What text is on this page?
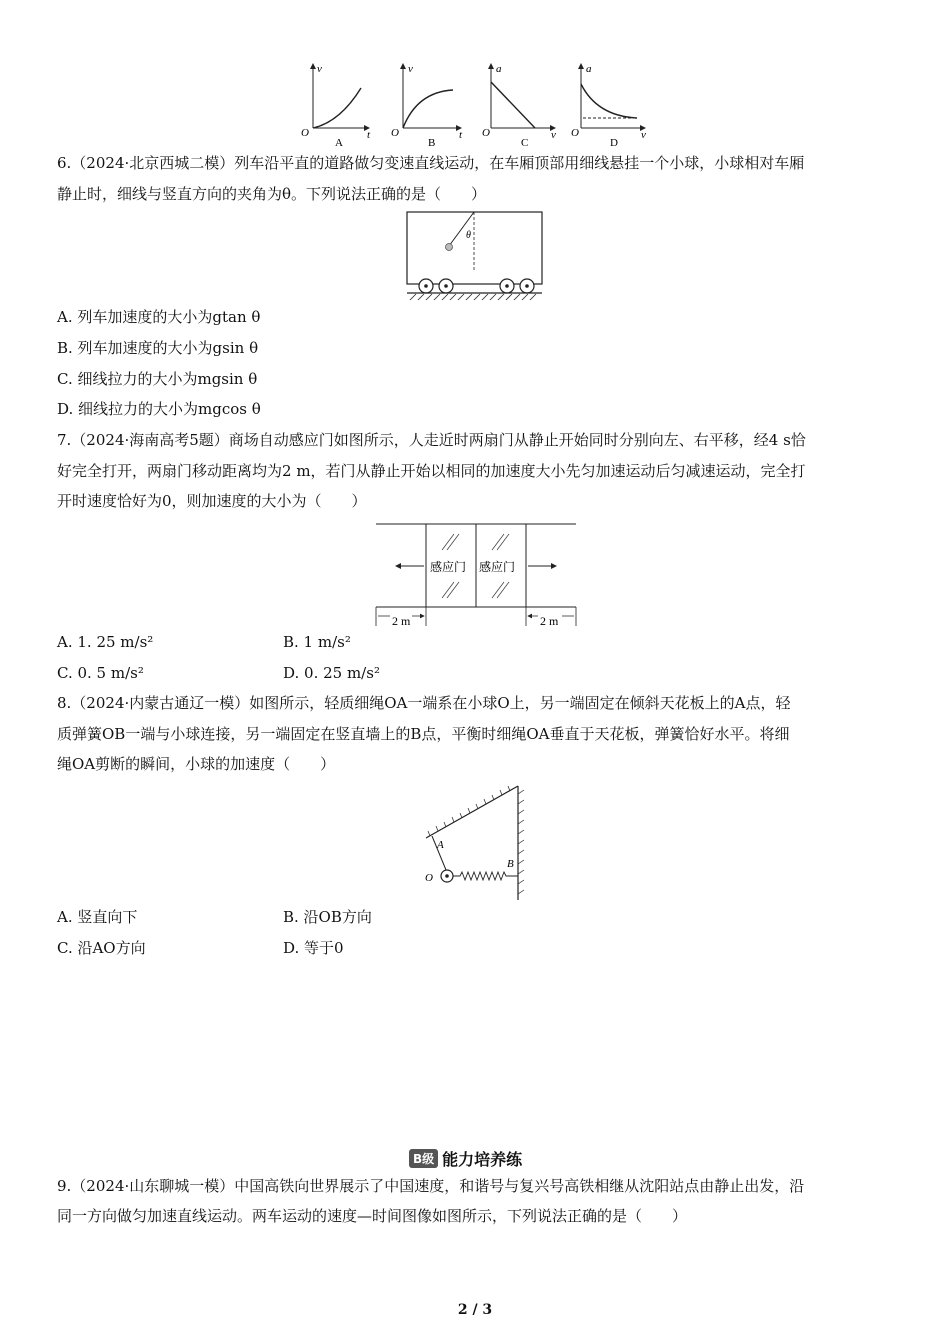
v
t
O
A
v
t
O
B
a
v
O
C
a
v
O
D
6.（2024·北京西城二模）列车沿平直的道路做匀变速直线运动，在车厢顶部用细线悬挂一个小球，小球相对车厢
静止时，细线与竖直方向的夹角为θ。下列说法正确的是（　　）
θ
A. 列车加速度的大小为gtan θ
B. 列车加速度的大小为gsin θ
C. 细线拉力的大小为mgsin θ
D. 细线拉力的大小为mgcos θ
7.（2024·海南高考5题）商场自动感应门如图所示，人走近时两扇门从静止开始同时分别向左、右平移，经4 s恰
好完全打开，两扇门移动距离均为2 m，若门从静止开始以相同的加速度大小先匀加速运动后匀减速运动，完全打
开时速度恰好为0，则加速度的大小为（　　）
感应门 感应门
2 m	2 m
A. 1. 25 m/s²	B. 1 m/s²
C. 0. 5 m/s²	D. 0. 25 m/s²
8.（2024·内蒙古通辽一模）如图所示，轻质细绳OA一端系在小球O上，另一端固定在倾斜天花板上的A点，轻
质弹簧OB一端与小球连接，另一端固定在竖直墙上的B点，平衡时细绳OA垂直于天花板，弹簧恰好水平。将细
绳OA剪断的瞬间，小球的加速度（　　）
A
B
O
A. 竖直向下	B. 沿OB方向
C. 沿AO方向	D. 等于0
B级 能力培养练
9.（2024·山东聊城一模）中国高铁向世界展示了中国速度，和谐号与复兴号高铁相继从沈阳站点由静止出发，沿
同一方向做匀加速直线运动。两车运动的速度—时间图像如图所示，下列说法正确的是（　　）
2 / 3
